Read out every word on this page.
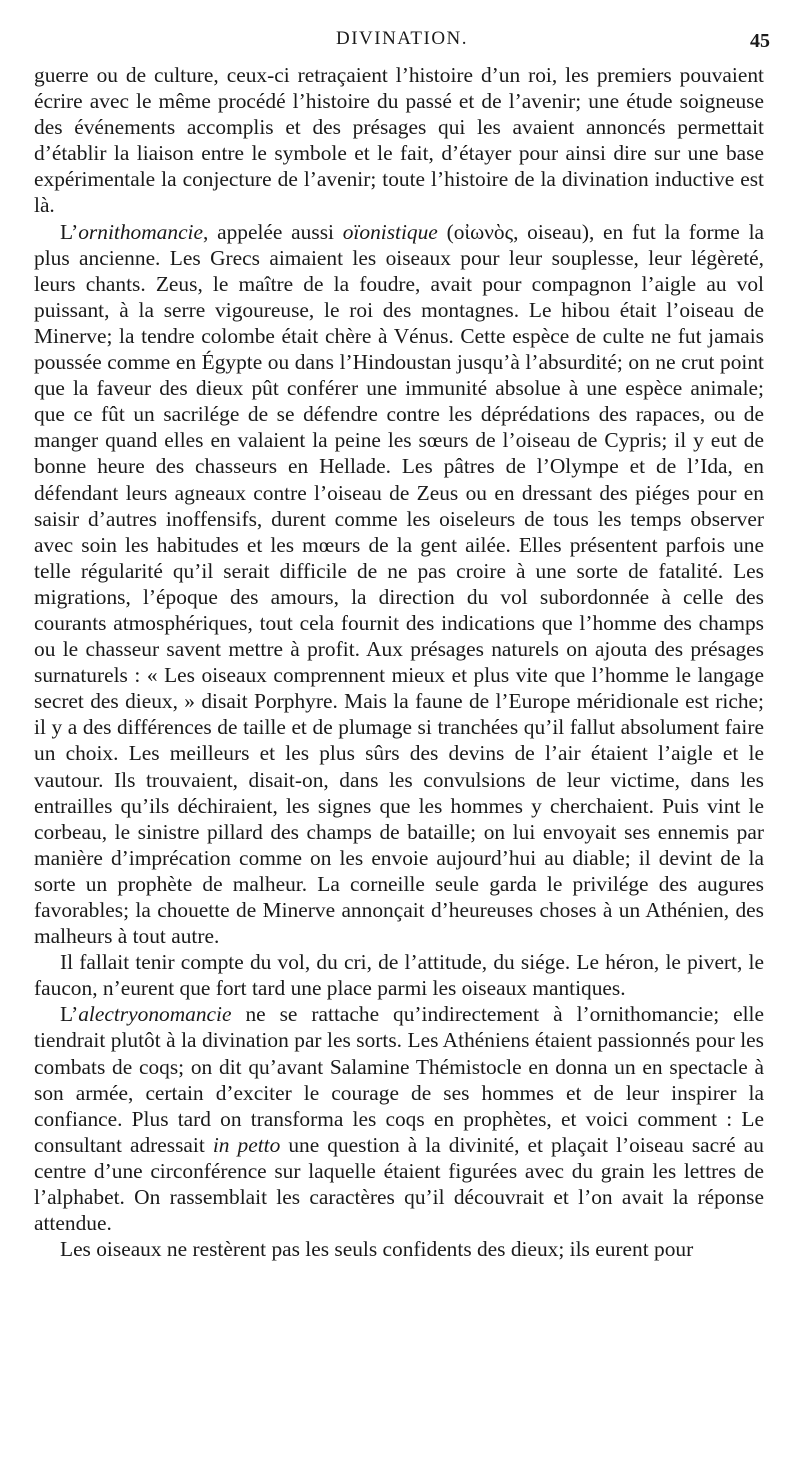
DIVINATION.	45

guerre ou de culture, ceux-ci retraçaient l’histoire d’un roi, les premiers pouvaient écrire avec le même procédé l’histoire du passé et de l’avenir; une étude soigneuse des événements accomplis et des présages qui les avaient annoncés permettait d’établir la liaison entre le symbole et le fait, d’étayer pour ainsi dire sur une base expérimentale la conjecture de l’avenir; toute l’histoire de la divination inductive est là.

L’ornithomancie, appelée aussi oïonistique (οἰωνὸς, oiseau), en fut la forme la plus ancienne. Les Grecs aimaient les oiseaux pour leur souplesse, leur légèreté, leurs chants. Zeus, le maître de la foudre, avait pour compagnon l’aigle au vol puissant, à la serre vigoureuse, le roi des montagnes. Le hibou était l’oiseau de Minerve; la tendre colombe était chère à Vénus. Cette espèce de culte ne fut jamais poussée comme en Égypte ou dans l’Hindoustan jusqu’à l’absurdité; on ne crut point que la faveur des dieux pût conférer une immunité absolue à une espèce animale; que ce fût un sacrilége de se défendre contre les déprédations des rapaces, ou de manger quand elles en valaient la peine les sœurs de l’oiseau de Cypris; il y eut de bonne heure des chasseurs en Hellade. Les pâtres de l’Olympe et de l’Ida, en défendant leurs agneaux contre l’oiseau de Zeus ou en dressant des piéges pour en saisir d’autres inoffensifs, durent comme les oiseleurs de tous les temps observer avec soin les habitudes et les mœurs de la gent ailée. Elles présentent parfois une telle régularité qu’il serait difficile de ne pas croire à une sorte de fatalité. Les migrations, l’époque des amours, la direction du vol subordonnée à celle des courants atmosphériques, tout cela fournit des indications que l’homme des champs ou le chasseur savent mettre à profit. Aux présages naturels on ajouta des présages surnaturels : « Les oiseaux comprennent mieux et plus vite que l’homme le langage secret des dieux, » disait Porphyre. Mais la faune de l’Europe méridionale est riche; il y a des différences de taille et de plumage si tranchées qu’il fallut absolument faire un choix. Les meilleurs et les plus sûrs des devins de l’air étaient l’aigle et le vautour. Ils trouvaient, disait-on, dans les convulsions de leur victime, dans les entrailles qu’ils déchiraient, les signes que les hommes y cherchaient. Puis vint le corbeau, le sinistre pillard des champs de bataille; on lui envoyait ses ennemis par manière d’imprécation comme on les envoie aujourd’hui au diable; il devint de la sorte un prophète de malheur. La corneille seule garda le privilége des augures favorables; la chouette de Minerve annonçait d’heureuses choses à un Athénien, des malheurs à tout autre.

Il fallait tenir compte du vol, du cri, de l’attitude, du siége. Le héron, le pivert, le faucon, n’eurent que fort tard une place parmi les oiseaux mantiques.

L’alectryonomancie ne se rattache qu’indirectement à l’ornithomancie; elle tiendrait plutôt à la divination par les sorts. Les Athéniens étaient passionnés pour les combats de coqs; on dit qu’avant Salamine Thémistocle en donna un en spectacle à son armée, certain d’exciter le courage de ses hommes et de leur inspirer la confiance. Plus tard on transforma les coqs en prophètes, et voici comment : Le consultant adressait in petto une question à la divinité, et plaçait l’oiseau sacré au centre d’une circonférence sur laquelle étaient figurées avec du grain les lettres de l’alphabet. On rassemblait les caractères qu’il découvrait et l’on avait la réponse attendue.

Les oiseaux ne restèrent pas les seuls confidents des dieux; ils eurent pour
